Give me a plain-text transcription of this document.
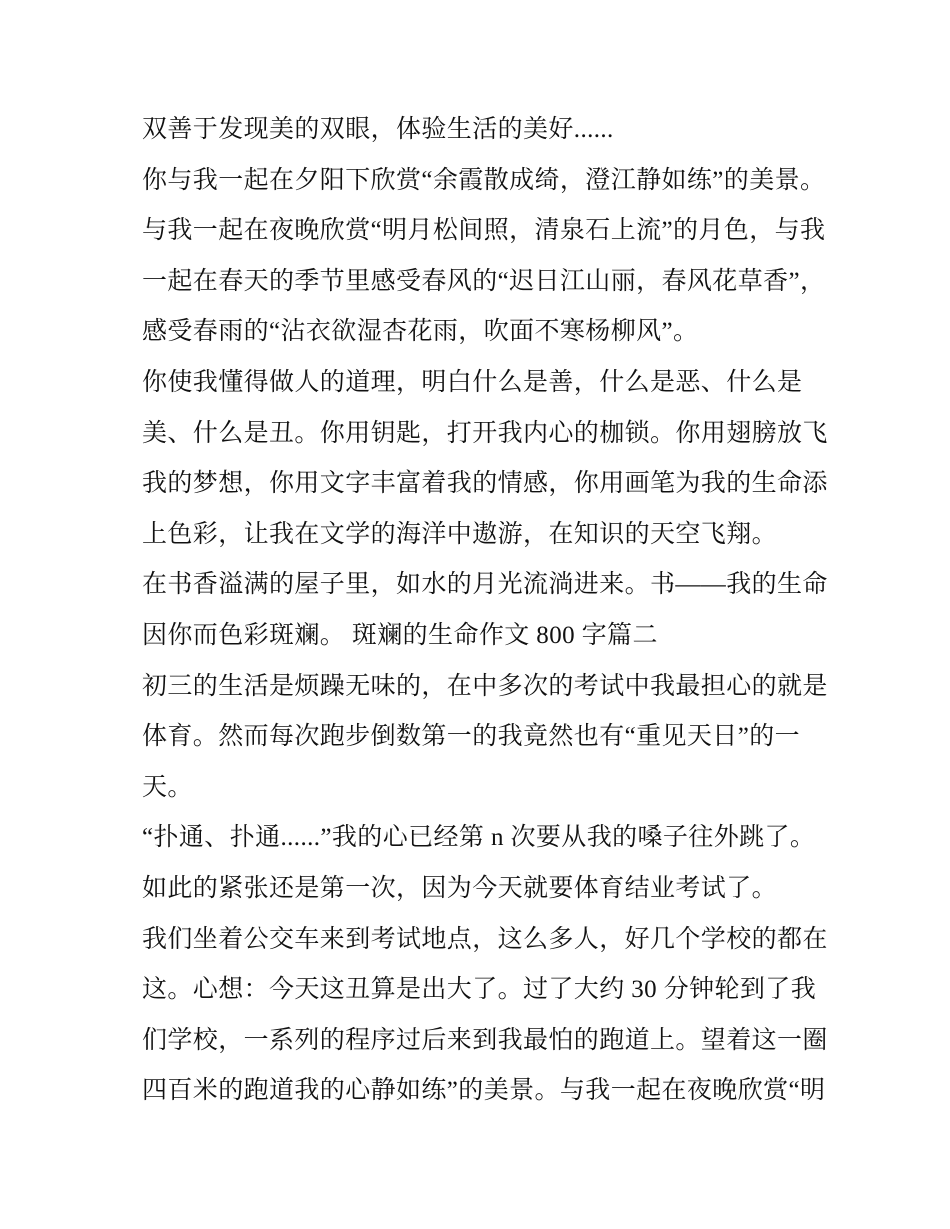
双善于发现美的双眼，体验生活的美好......
你与我一起在夕阳下欣赏“余霞散成绮，澄江静如练”的美景。
与我一起在夜晚欣赏“明月松间照，清泉石上流”的月色，与我
一起在春天的季节里感受春风的“迟日江山丽，春风花草香”，
感受春雨的“沾衣欲湿杏花雨，吹面不寒杨柳风”。
你使我懂得做人的道理，明白什么是善，什么是恶、什么是
美、什么是丑。你用钥匙，打开我内心的枷锁。你用翅膀放飞
我的梦想，你用文字丰富着我的情感，你用画笔为我的生命添
上色彩，让我在文学的海洋中遨游，在知识的天空飞翔。
在书香溢满的屋子里，如水的月光流淌进来。书——我的生命
因你而色彩斑斓。 斑斓的生命作文 800 字篇二
初三的生活是烦躁无味的，在中多次的考试中我最担心的就是
体育。然而每次跑步倒数第一的我竟然也有“重见天日”的一
天。
“扑通、扑通......”我的心已经第 n 次要从我的嗓子往外跳了。
如此的紧张还是第一次，因为今天就要体育结业考试了。
我们坐着公交车来到考试地点，这么多人，好几个学校的都在
这。心想：今天这丑算是出大了。过了大约 30 分钟轮到了我
们学校，一系列的程序过后来到我最怕的跑道上。望着这一圈
四百米的跑道我的心静如练”的美景。与我一起在夜晚欣赏“明
